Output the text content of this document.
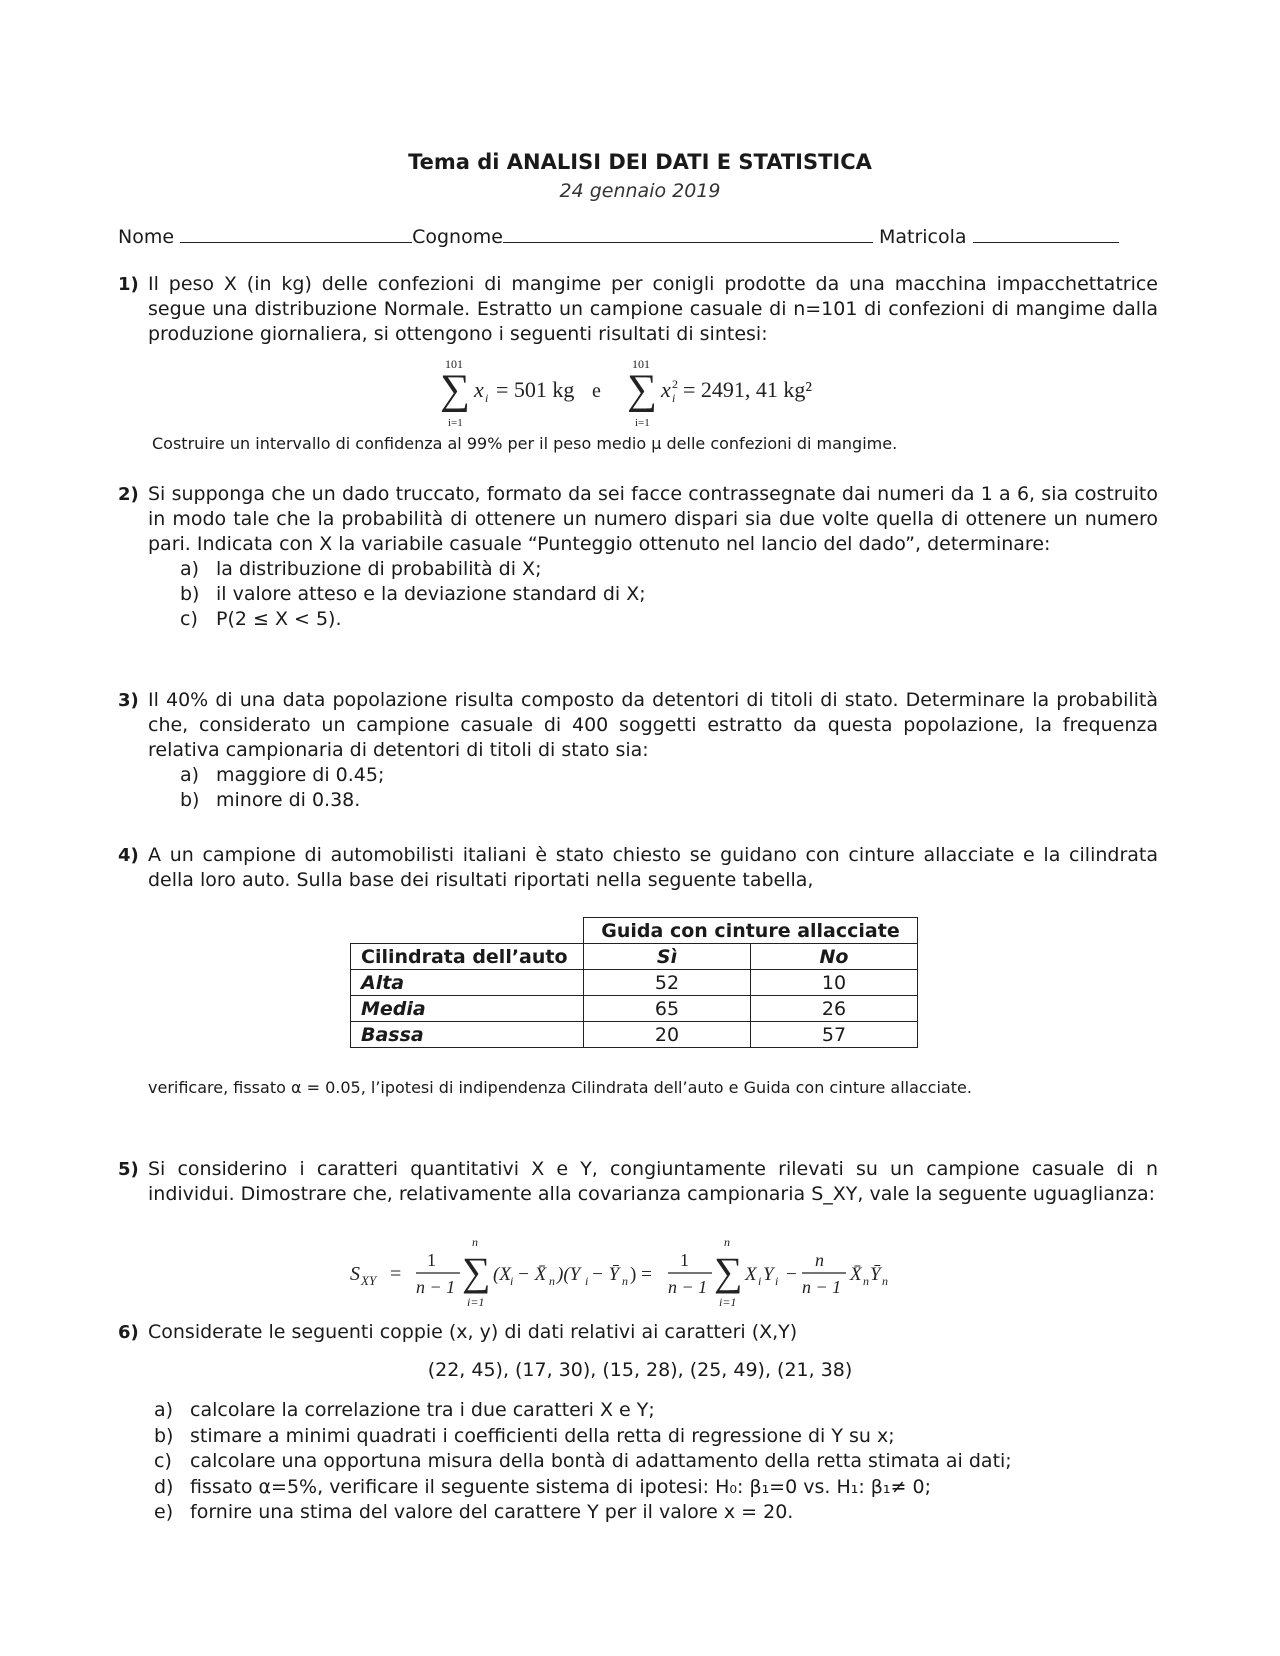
Tema di ANALISI DEI DATI E STATISTICA
24 gennaio 2019
Nome	Cognome	Matricola
1) Il peso X (in kg) delle confezioni di mangime per conigli prodotte da una macchina impacchettatrice segue una distribuzione Normale. Estratto un campione casuale di n=101 di confezioni di mangime dalla produzione giornaliera, si ottengono i seguenti risultati di sintesi:
101
∑
i=1
x i = 501 kg e
101
∑
i=1
x 2
i = 2491, 41 kg²
Costruire un intervallo di confidenza al 99% per il peso medio μ delle confezioni di mangime.
2) Si supponga che un dado truccato, formato da sei facce contrassegnate dai numeri da 1 a 6, sia costruito in modo tale che la probabilità di ottenere un numero dispari sia due volte quella di ottenere un numero pari. Indicata con X la variabile casuale “Punteggio ottenuto nel lancio del dado”, determinare:
a) la distribuzione di probabilità di X;
b) il valore atteso e la deviazione standard di X;
c) P(2 ≤ X < 5).
3) Il 40% di una data popolazione risulta composto da detentori di titoli di stato. Determinare la probabilità che, considerato un campione casuale di 400 soggetti estratto da questa popolazione, la frequenza relativa campionaria di detentori di titoli di stato sia:
a) maggiore di 0.45;
b) minore di 0.38.
4) A un campione di automobilisti italiani è stato chiesto se guidano con cinture allacciate e la cilindrata della loro auto. Sulla base dei risultati riportati nella seguente tabella,
	Guida con cinture allacciate	
Cilindrata dell’auto	Sì	No
Alta	52	10
Media	65	26
Bassa	20	57
verificare, fissato α = 0.05, l’ipotesi di indipendenza Cilindrata dell’auto e Guida con cinture allacciate.
5) Si considerino i caratteri quantitativi X e Y, congiuntamente rilevati su un campione casuale di n individui. Dimostrare che, relativamente alla covarianza campionaria S_XY, vale la seguente uguaglianza:
S XY =
1
n − 1
n
∑
i=1
(X i − X̄ n )(Y i − Ȳ n ) =
1
n − 1
n
∑
i=1
X i Y i −
n
n − 1
X̄ n Ȳ n
6) Considerate le seguenti coppie (x, y) di dati relativi ai caratteri (X,Y)
(22, 45), (17, 30), (15, 28), (25, 49), (21, 38)
a) calcolare la correlazione tra i due caratteri X e Y;
b) stimare a minimi quadrati i coefficienti della retta di regressione di Y su x;
c) calcolare una opportuna misura della bontà di adattamento della retta stimata ai dati;
d) fissato α=5%, verificare il seguente sistema di ipotesi: H₀: β₁=0 vs. H₁: β₁≠ 0;
e) fornire una stima del valore del carattere Y per il valore x = 20.
